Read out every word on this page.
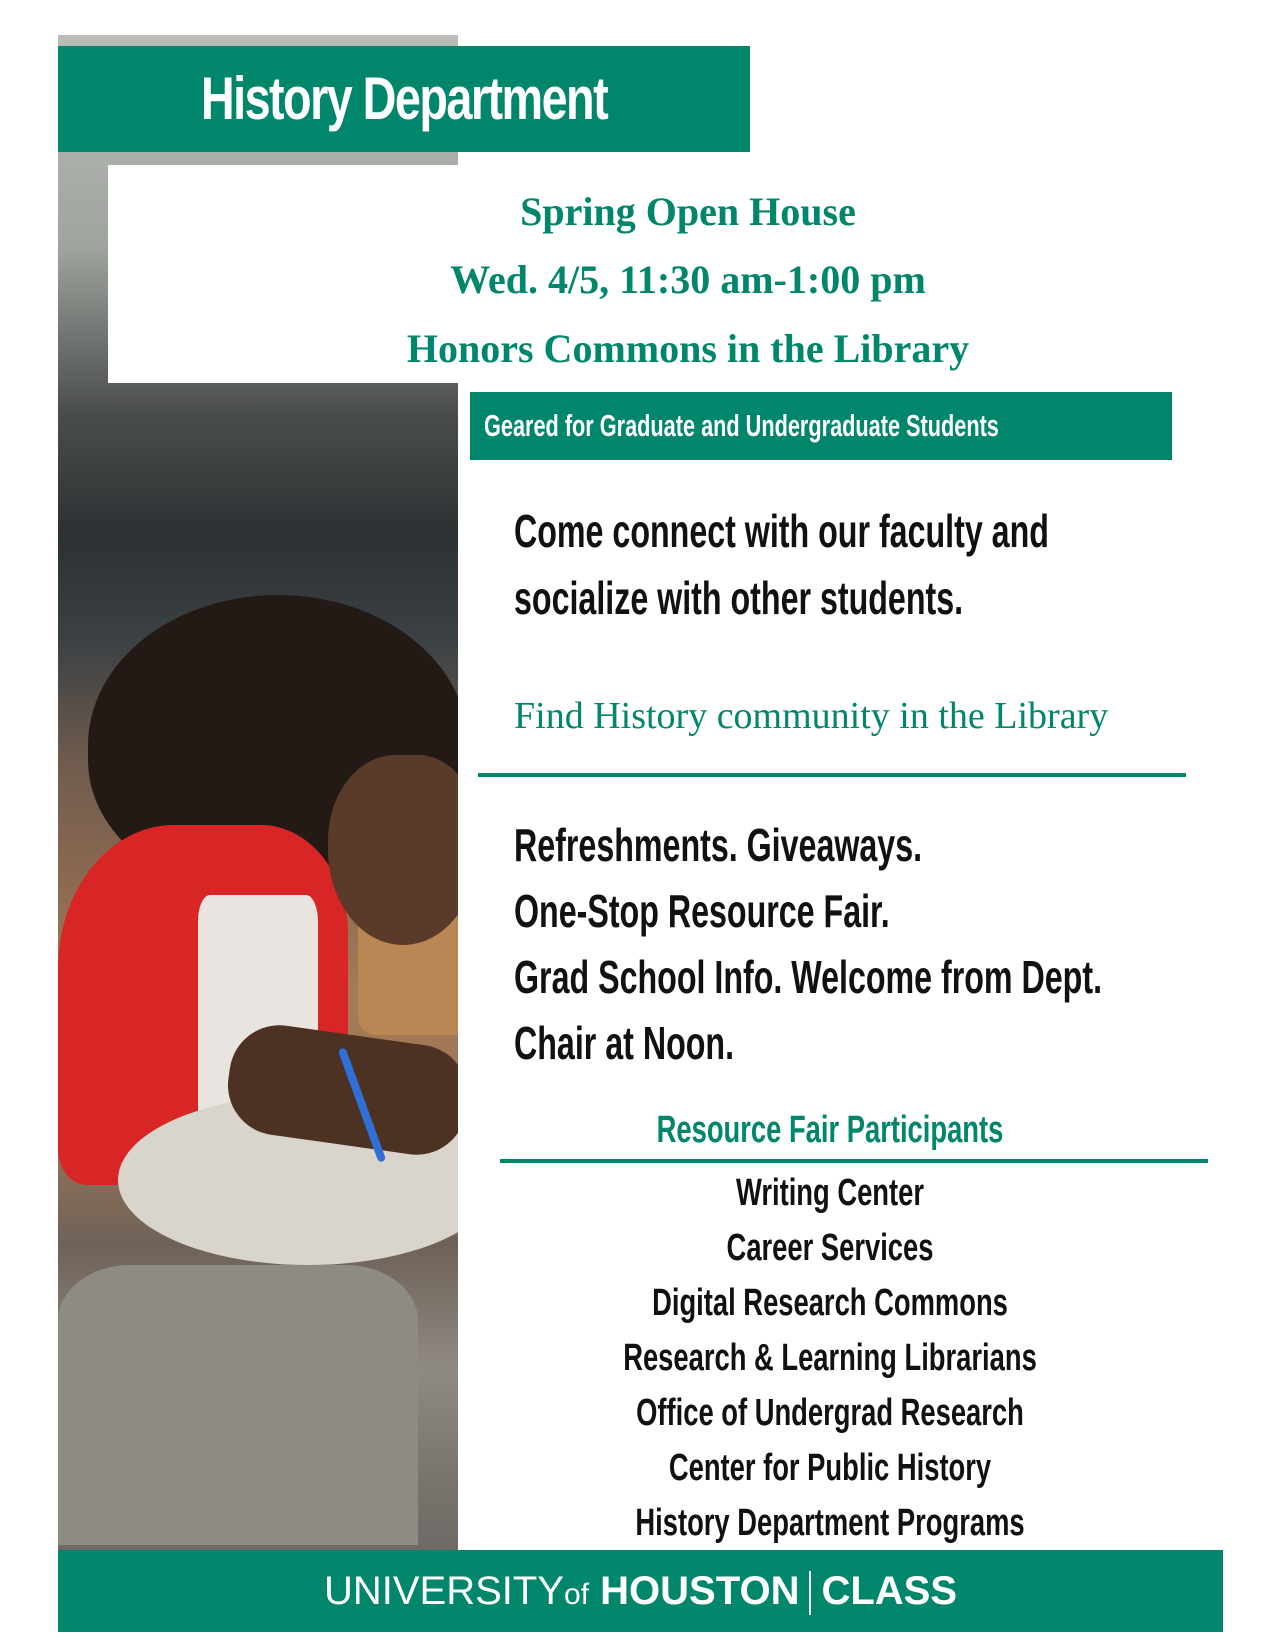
History Department
Spring Open House
Wed. 4/5, 11:30 am-1:00 pm
Honors Commons in the Library
Geared for Graduate and Undergraduate Students
Come connect with our faculty and socialize with other students.
Find History community in the Library
Refreshments. Giveaways.
One-Stop Resource Fair.
Grad School Info. Welcome from Dept.
Chair at Noon.
Resource Fair Participants
Writing Center
Career Services
Digital Research Commons
Research & Learning Librarians
Office of Undergrad Research
Center for Public History
History Department Programs
UNIVERSITYof HOUSTON CLASS
